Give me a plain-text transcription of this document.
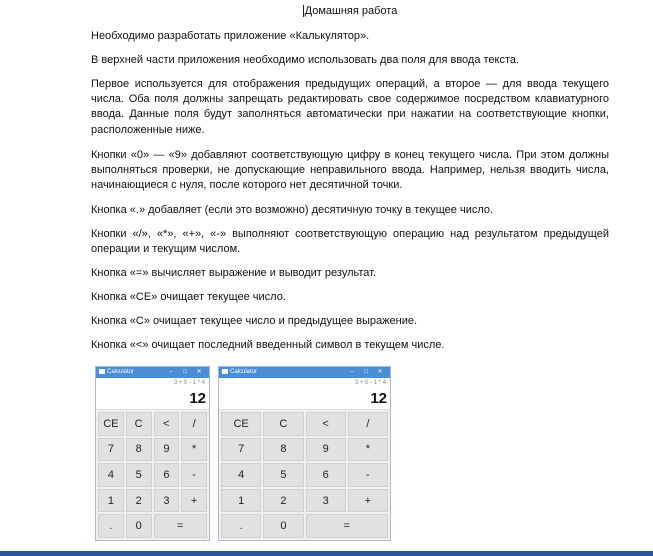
Домашняя работа
Необходимо разработать приложение «Калькулятор».
В верхней части приложения необходимо использовать два поля для ввода текста.
Первое используется для отображения предыдущих операций, а второе — для ввода текущего числа. Оба поля должны запрещать редактировать свое содержимое посредством клавиатурного ввода. Данные поля будут заполняться автоматически при нажатии на соответствующие кнопки, расположенные ниже.
Кнопки «0» — «9» добавляют соответствующую цифру в конец текущего числа. При этом должны выполняться проверки, не допускающие неправильного ввода. Например, нельзя вводить числа, начинающиеся с нуля, после которого нет десятичной точки.
Кнопка «.» добавляет (если это возможно) десятичную точку в текущее число.
Кнопки «/», «*», «+», «-» выполняют соответствующую операцию над результатом предыдущей операции и текущим числом.
Кнопка «=» вычисляет выражение и выводит результат.
Кнопка «CE» очищает текущее число.
Кнопка «C» очищает текущее число и предыдущее выражение.
Кнопка «<» очищает последний введенный символ в текущем числе.
Calculator	– □ ✕
3 + 5 - 1 * 4
12
CE	C	<	/
7	8	9	*
4	5	6	-
1	2	3	+
.	0	=
Calculator	– □ ✕
3 + 5 - 1 * 4
12
CE	C	<	/
7	8	9	*
4	5	6	-
1	2	3	+
.	0	=
